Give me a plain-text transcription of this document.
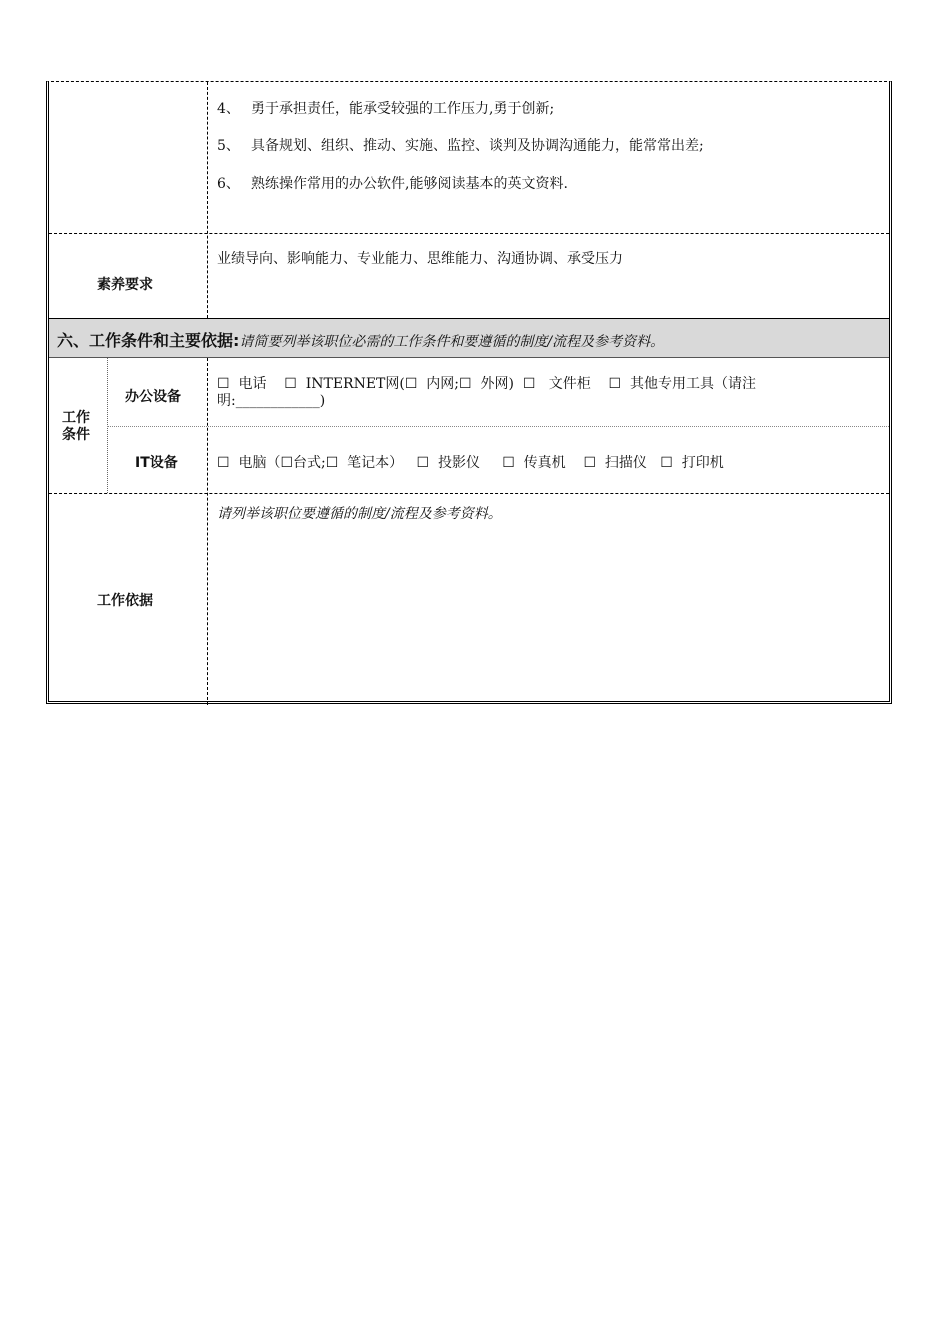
4、 勇于承担责任，能承受较强的工作压力,勇于创新;
5、 具备规划、组织、推动、实施、监控、谈判及协调沟通能力，能常常出差;
6、 熟练操作常用的办公软件,能够阅读基本的英文资料.
素养要求
业绩导向、影响能力、专业能力、思维能力、沟通协调、承受压力
六、工作条件和主要依据:请简要列举该职位必需的工作条件和要遵循的制度/流程及参考资料。
工作
条件
办公设备
☐  电话    ☐  INTERNET网(☐  内网;☐  外网)  ☐   文件柜    ☐  其他专用工具（请注
明:____________)
IT设备	☐  电脑（☐台式;☐  笔记本）   ☐  投影仪     ☐  传真机    ☐  扫描仪   ☐  打印机
工作依据
请列举该职位要遵循的制度/流程及参考资料。
